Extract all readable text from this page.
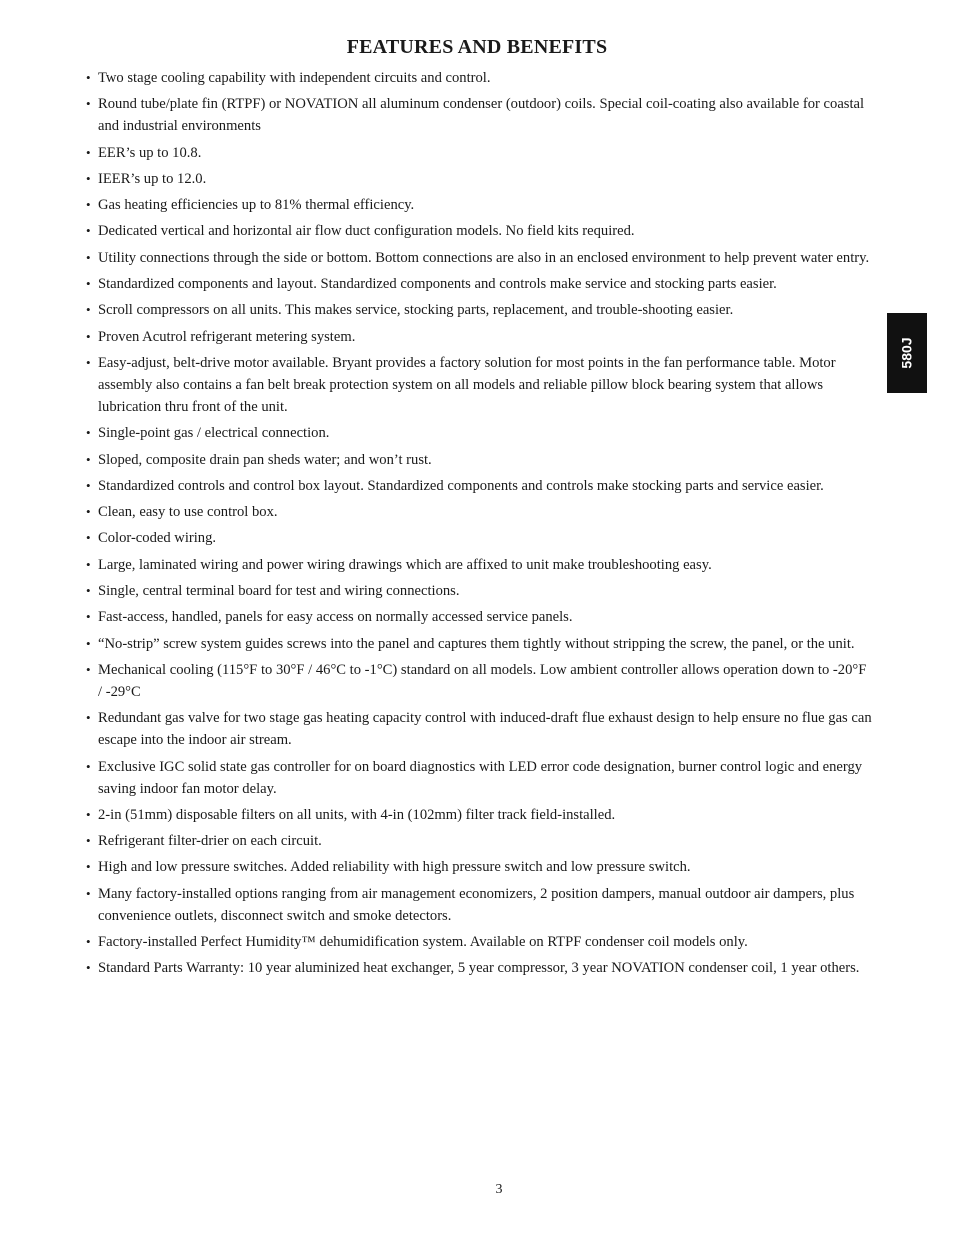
FEATURES AND BENEFITS
• Two stage cooling capability with independent circuits and control.
• Round tube/plate fin (RTPF) or NOVATION all aluminum condenser (outdoor) coils. Special coil-coating also available for coastal and industrial environments
• EER’s up to 10.8.
• IEER’s up to 12.0.
• Gas heating efficiencies up to 81% thermal efficiency.
• Dedicated vertical and horizontal air flow duct configuration models. No field kits required.
• Utility connections through the side or bottom. Bottom connections are also in an enclosed environment to help prevent water entry.
• Standardized components and layout. Standardized components and controls make service and stocking parts easier.
• Scroll compressors on all units. This makes service, stocking parts, replacement, and trouble-shooting easier.
• Proven Acutrol refrigerant metering system.
• Easy-adjust, belt-drive motor available. Bryant provides a factory solution for most points in the fan performance table. Motor assembly also contains a fan belt break protection system on all models and reliable pillow block bearing system that allows lubrication thru front of the unit.
• Single-point gas / electrical connection.
• Sloped, composite drain pan sheds water; and won’t rust.
• Standardized controls and control box layout. Standardized components and controls make stocking parts and service easier.
• Clean, easy to use control box.
• Color-coded wiring.
• Large, laminated wiring and power wiring drawings which are affixed to unit make troubleshooting easy.
• Single, central terminal board for test and wiring connections.
• Fast-access, handled, panels for easy access on normally accessed service panels.
• “No-strip” screw system guides screws into the panel and captures them tightly without stripping the screw, the panel, or the unit.
• Mechanical cooling (115°F to 30°F / 46°C to -1°C) standard on all models. Low ambient controller allows operation down to -20°F / -29°C
• Redundant gas valve for two stage gas heating capacity control with induced-draft flue exhaust design to help ensure no flue gas can escape into the indoor air stream.
• Exclusive IGC solid state gas controller for on board diagnostics with LED error code designation, burner control logic and energy saving indoor fan motor delay.
• 2-in (51mm) disposable filters on all units, with 4-in (102mm) filter track field-installed.
• Refrigerant filter-drier on each circuit.
• High and low pressure switches. Added reliability with high pressure switch and low pressure switch.
• Many factory-installed options ranging from air management economizers, 2 position dampers, manual outdoor air dampers, plus convenience outlets, disconnect switch and smoke detectors.
• Factory-installed Perfect Humidity™ dehumidification system. Available on RTPF condenser coil models only.
• Standard Parts Warranty: 10 year aluminized heat exchanger, 5 year compressor, 3 year NOVATION condenser coil, 1 year others.
580J
3
